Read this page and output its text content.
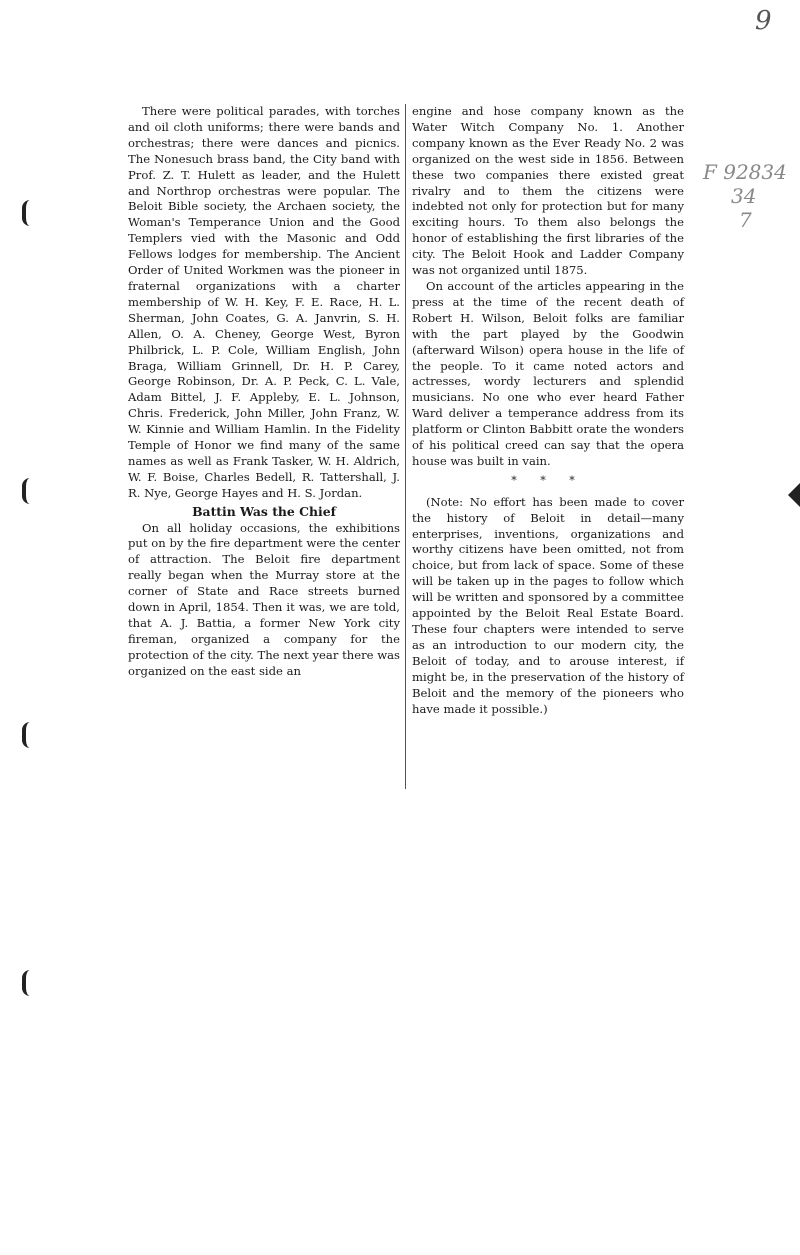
9
F 92834
34
7

There were political parades, with torches and oil cloth uniforms; there were bands and orchestras; there were dances and picnics. The Nonesuch brass band, the City band with Prof. Z. T. Hulett as leader, and the Hulett and Northrop orchestras were popular. The Beloit Bible society, the Archaen society, the Woman's Temperance Union and the Good Templers vied with the Masonic and Odd Fellows lodges for membership. The Ancient Order of United Workmen was the pioneer in fraternal organizations with a charter membership of W. H. Key, F. E. Race, H. L. Sherman, John Coates, G. A. Janvrin, S. H. Allen, O. A. Cheney, George West, Byron Philbrick, L. P. Cole, William English, John Braga, William Grinnell, Dr. H. P. Carey, George Robinson, Dr. A. P. Peck, C. L. Vale, Adam Bittel, J. F. Appleby, E. L. Johnson, Chris. Frederick, John Miller, John Franz, W. W. Kinnie and William Hamlin. In the Fidelity Temple of Honor we find many of the same names as well as Frank Tasker, W. H. Aldrich, W. F. Boise, Charles Bedell, R. Tattershall, J. R. Nye, George Hayes and H. S. Jordan.

Battin Was the Chief

On all holiday occasions, the exhibitions put on by the fire department were the center of attraction. The Beloit fire department really began when the Murray store at the corner of State and Race streets burned down in April, 1854. Then it was, we are told, that A. J. Battia, a former New York city fireman, organized a company for the protection of the city. The next year there was organized on the east side an

engine and hose company known as the Water Witch Company No. 1. Another company known as the Ever Ready No. 2 was organized on the west side in 1856. Between these two companies there existed great rivalry and to them the citizens were indebted not only for protection but for many exciting hours. To them also belongs the honor of establishing the first libraries of the city. The Beloit Hook and Ladder Company was not organized until 1875.

On account of the articles appearing in the press at the time of the recent death of Robert H. Wilson, Beloit folks are familiar with the part played by the Goodwin (afterward Wilson) opera house in the life of the people. To it came noted actors and actresses, wordy lecturers and splendid musicians. No one who ever heard Father Ward deliver a temperance address from its platform or Clinton Babbitt orate the wonders of his political creed can say that the opera house was built in vain.

* * *

(Note: No effort has been made to cover the history of Beloit in detail—many enterprises, inventions, organizations and worthy citizens have been omitted, not from choice, but from lack of space. Some of these will be taken up in the pages to follow which will be written and sponsored by a committee appointed by the Beloit Real Estate Board. These four chapters were intended to serve as an introduction to our modern city, the Beloit of today, and to arouse interest, if might be, in the preservation of the history of Beloit and the memory of the pioneers who have made it possible.)
